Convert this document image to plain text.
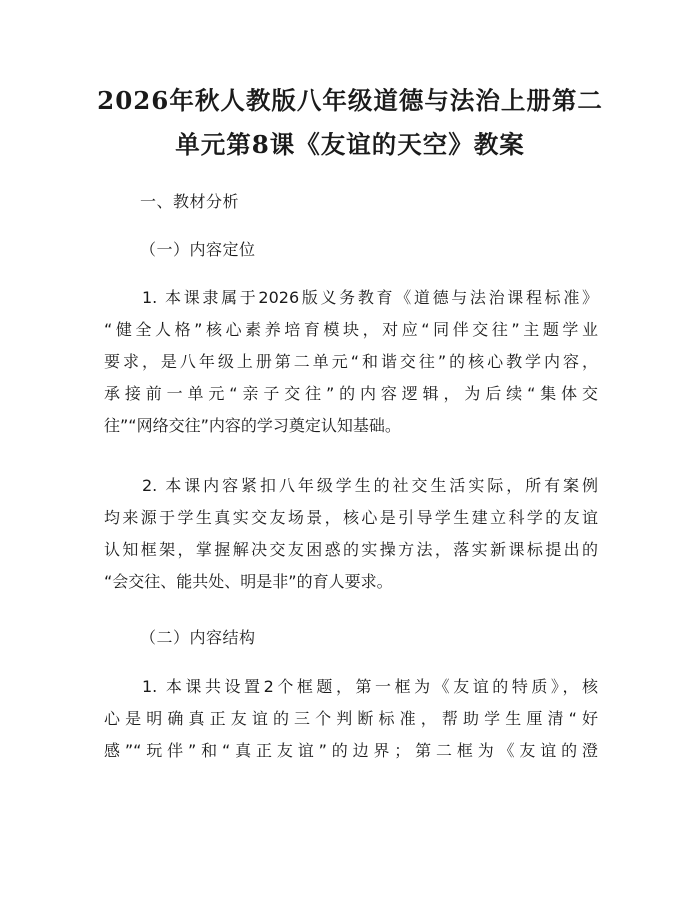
2026年秋人教版八年级道德与法治上册第二
单元第8课《友谊的天空》教案
一、教材分析
（一）内容定位
1. 本课隶属于2026版义务教育《道德与法治课程标准》
“健全人格”核心素养培育模块，对应“同伴交往”主题学业
要求，是八年级上册第二单元“和谐交往”的核心教学内容，
承接前一单元“亲子交往”的内容逻辑，为后续“集体交
往”“网络交往”内容的学习奠定认知基础。
2. 本课内容紧扣八年级学生的社交生活实际，所有案例
均来源于学生真实交友场景，核心是引导学生建立科学的友谊
认知框架，掌握解决交友困惑的实操方法，落实新课标提出的
“会交往、能共处、明是非”的育人要求。
（二）内容结构
1. 本课共设置2个框题，第一框为《友谊的特质》，核
心是明确真正友谊的三个判断标准，帮助学生厘清“好
感”“玩伴”和“真正友谊”的边界；第二框为《友谊的澄
